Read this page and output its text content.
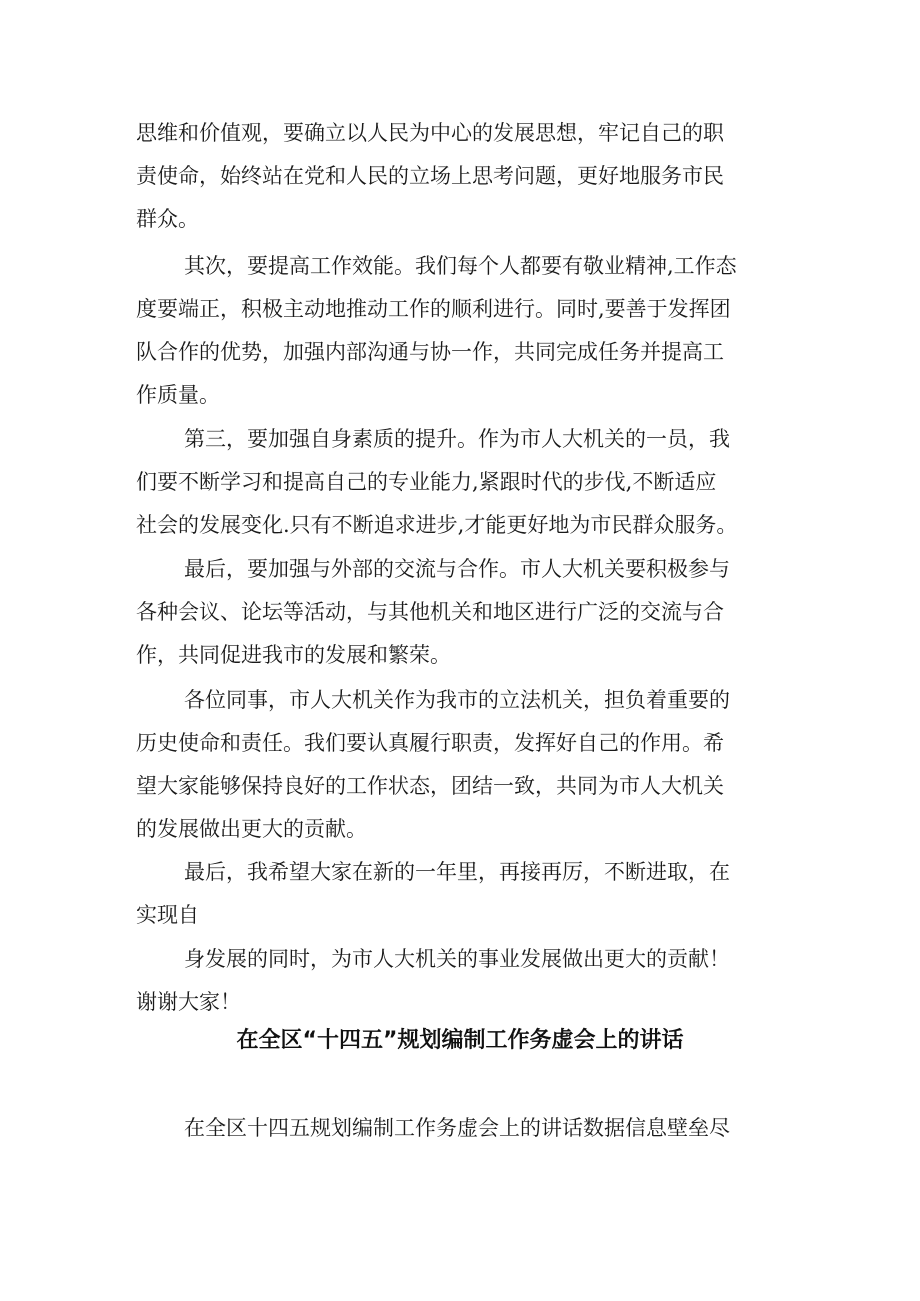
思维和价值观，要确立以人民为中心的发展思想，牢记自己的职
责使命，始终站在党和人民的立场上思考问题，更好地服务市民
群众。
其次，要提高工作效能。我们每个人都要有敬业精神,工作态
度要端正，积极主动地推动工作的顺利进行。同时,要善于发挥团
队合作的优势，加强内部沟通与协一作，共同完成任务并提高工
作质量。
第三，要加强自身素质的提升。作为市人大机关的一员，我
们要不断学习和提高自己的专业能力,紧跟时代的步伐,不断适应
社会的发展变化.只有不断追求进步,才能更好地为市民群众服务。
最后，要加强与外部的交流与合作。市人大机关要积极参与
各种会议、论坛等活动，与其他机关和地区进行广泛的交流与合
作，共同促进我市的发展和繁荣。
各位同事，市人大机关作为我市的立法机关，担负着重要的
历史使命和责任。我们要认真履行职责，发挥好自己的作用。希
望大家能够保持良好的工作状态，团结一致，共同为市人大机关
的发展做出更大的贡献。
最后，我希望大家在新的一年里，再接再厉，不断进取，在
实现自
身发展的同时，为市人大机关的事业发展做出更大的贡献！
谢谢大家！
在全区“十四五”规划编制工作务虚会上的讲话
在全区十四五规划编制工作务虚会上的讲话数据信息壁垒尽
